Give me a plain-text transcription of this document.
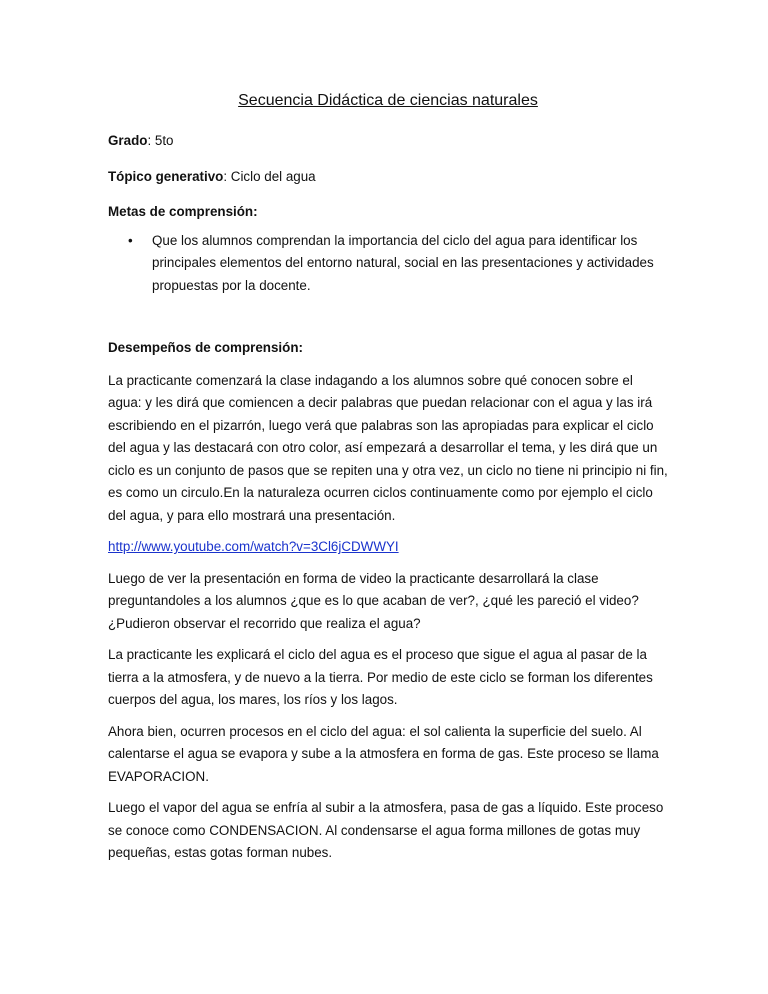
Secuencia Didáctica de ciencias naturales
Grado: 5to
Tópico generativo: Ciclo del agua
Metas de comprensión:
• Que los alumnos comprendan la importancia del ciclo del agua para identificar los principales elementos del entorno natural, social en las presentaciones y actividades propuestas por la docente.
Desempeños de comprensión:

La practicante comenzará la clase indagando a los alumnos sobre qué conocen sobre el agua: y les dirá que comiencen a decir palabras que puedan relacionar con el agua y las irá escribiendo en el pizarrón, luego verá que palabras son las apropiadas para explicar el ciclo del agua y las destacará con otro color, así empezará a desarrollar el tema, y les dirá que un ciclo es un conjunto de pasos que se repiten una y otra vez, un ciclo no tiene ni principio ni fin, es como un circulo.En la naturaleza ocurren ciclos continuamente como por ejemplo el ciclo del agua, y para ello mostrará una presentación.

http://www.youtube.com/watch?v=3Cl6jCDWWYI

Luego de ver la presentación en forma de video la practicante desarrollará la clase preguntandoles a los alumnos ¿que es lo que acaban de ver?, ¿qué les pareció el video? ¿Pudieron observar el recorrido que realiza el agua?

La practicante les explicará el ciclo del agua es el proceso que sigue el agua al pasar de la tierra a la atmosfera, y de nuevo a la tierra. Por medio de este ciclo se forman los diferentes cuerpos del agua, los mares, los ríos y los lagos.

Ahora bien, ocurren procesos en el ciclo del agua: el sol calienta la superficie del suelo. Al calentarse el agua se evapora y sube a la atmosfera en forma de gas. Este proceso se llama EVAPORACION.

Luego el vapor del agua se enfría al subir a la atmosfera, pasa de gas a líquido. Este proceso se conoce como CONDENSACION. Al condensarse el agua forma millones de gotas muy pequeñas, estas gotas forman nubes.
